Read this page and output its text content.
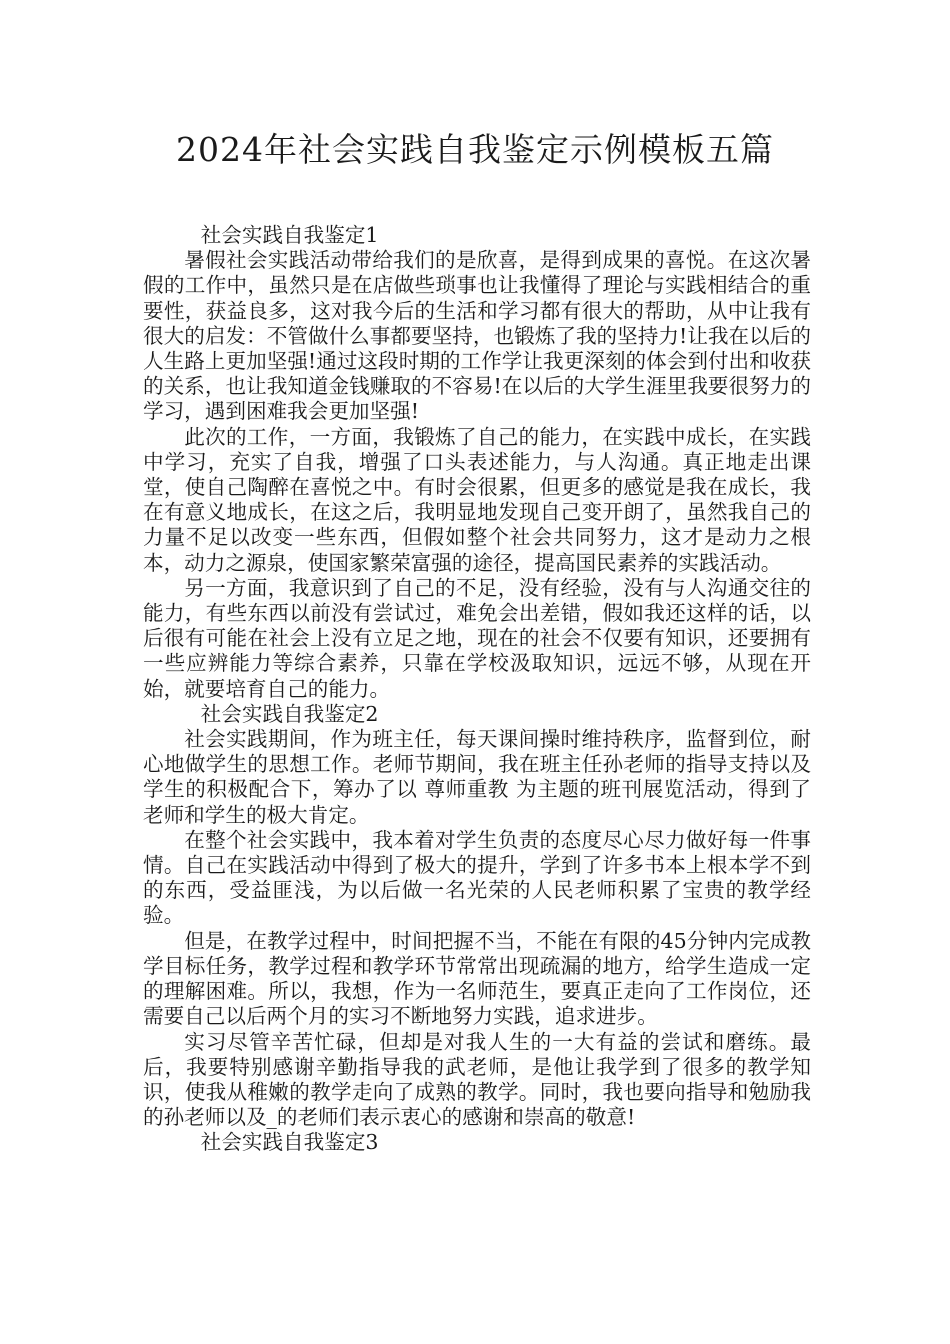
2024年社会实践自我鉴定示例模板五篇

社会实践自我鉴定1

暑假社会实践活动带给我们的是欣喜，是得到成果的喜悦。在这次暑假的工作中，虽然只是在店做些琐事也让我懂得了理论与实践相结合的重要性，获益良多，这对我今后的生活和学习都有很大的帮助，从中让我有很大的启发：不管做什么事都要坚持，也锻炼了我的坚持力!让我在以后的人生路上更加坚强!通过这段时期的工作学让我更深刻的体会到付出和收获的关系，也让我知道金钱赚取的不容易!在以后的大学生涯里我要很努力的学习，遇到困难我会更加坚强!

此次的工作，一方面，我锻炼了自己的能力，在实践中成长，在实践中学习，充实了自我，增强了口头表述能力，与人沟通。真正地走出课堂，使自己陶醉在喜悦之中。有时会很累，但更多的感觉是我在成长，我在有意义地成长，在这之后，我明显地发现自己变开朗了，虽然我自己的力量不足以改变一些东西，但假如整个社会共同努力，这才是动力之根本，动力之源泉，使国家繁荣富强的途径，提高国民素养的实践活动。

另一方面，我意识到了自己的不足，没有经验，没有与人沟通交往的能力，有些东西以前没有尝试过，难免会出差错，假如我还这样的话，以后很有可能在社会上没有立足之地，现在的社会不仅要有知识，还要拥有一些应辨能力等综合素养，只靠在学校汲取知识，远远不够，从现在开始，就要培育自己的能力。

社会实践自我鉴定2

社会实践期间，作为班主任，每天课间操时维持秩序，监督到位，耐心地做学生的思想工作。老师节期间，我在班主任孙老师的指导支持以及学生的积极配合下，筹办了以 尊师重教 为主题的班刊展览活动，得到了老师和学生的极大肯定。

在整个社会实践中，我本着对学生负责的态度尽心尽力做好每一件事情。自己在实践活动中得到了极大的提升，学到了许多书本上根本学不到的东西，受益匪浅，为以后做一名光荣的人民老师积累了宝贵的教学经验。

但是，在教学过程中，时间把握不当，不能在有限的45分钟内完成教学目标任务，教学过程和教学环节常常出现疏漏的地方，给学生造成一定的理解困难。所以，我想，作为一名师范生，要真正走向了工作岗位，还需要自己以后两个月的实习不断地努力实践，追求进步。

实习尽管辛苦忙碌，但却是对我人生的一大有益的尝试和磨练。最后，我要特别感谢辛勤指导我的武老师，是他让我学到了很多的教学知识，使我从稚嫩的教学走向了成熟的教学。同时，我也要向指导和勉励我的孙老师以及_的老师们表示衷心的感谢和崇高的敬意!

社会实践自我鉴定3
